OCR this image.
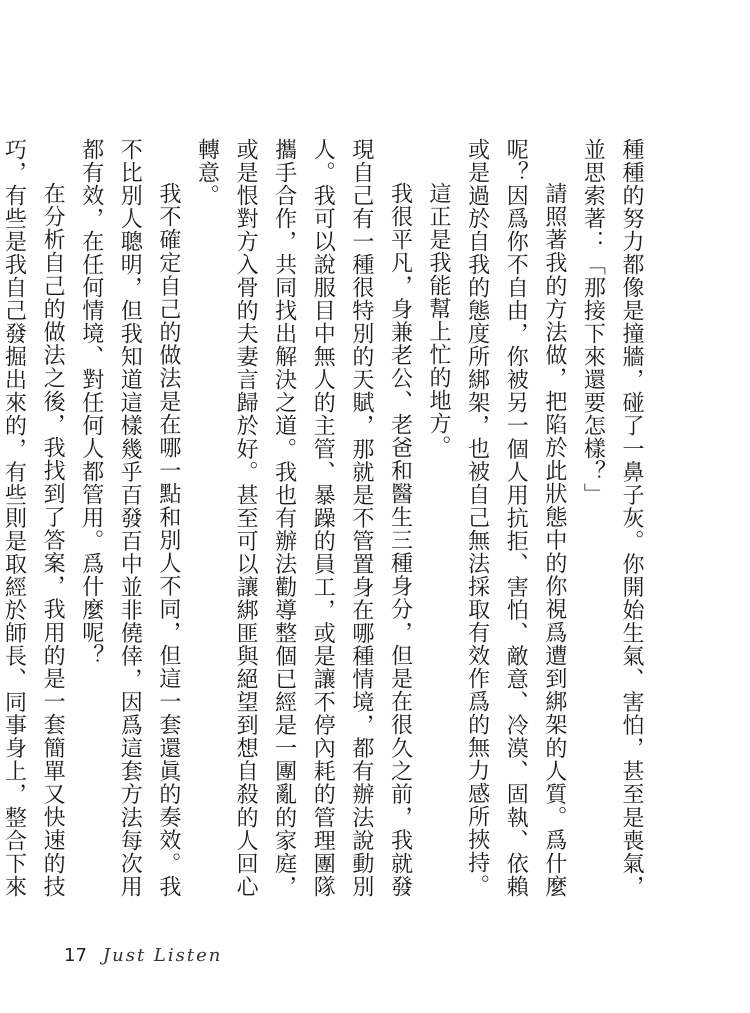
種種的努力都像是撞牆，碰了一鼻子灰。你開始生氣、害怕，甚至是喪氣，並思索著：「那接下來還要怎樣？」

請照著我的方法做，把陷於此狀態中的你視爲遭到綁架的人質。爲什麼呢？因爲你不自由，你被另一個人用抗拒、害怕、敵意、冷漠、固執、依賴或是過於自我的態度所綁架，也被自己無法採取有效作爲的無力感所挾持。

這正是我能幫上忙的地方。

我很平凡，身兼老公、老爸和醫生三種身分，但是在很久之前，我就發現自己有一種很特別的天賦，那就是不管置身在哪種情境，都有辦法說動別人。我可以說服目中無人的主管、暴躁的員工，或是讓不停內耗的管理團隊攜手合作，共同找出解決之道。我也有辦法勸導整個已經是一團亂的家庭，或是恨對方入骨的夫妻言歸於好。甚至可以讓綁匪與絕望到想自殺的人回心轉意。

我不確定自己的做法是在哪一點和別人不同，但這一套還眞的奏效。我不比別人聰明，但我知道這樣幾乎百發百中並非僥倖，因爲這套方法每次用都有效，在任何情境、對任何人都管用。爲什麼呢？

在分析自己的做法之後，我找到了答案，我用的是一套簡單又快速的技巧，有些是我自己發掘出來的，有些則是取經於師長、同事身上，整合下來

17 Just Listen
